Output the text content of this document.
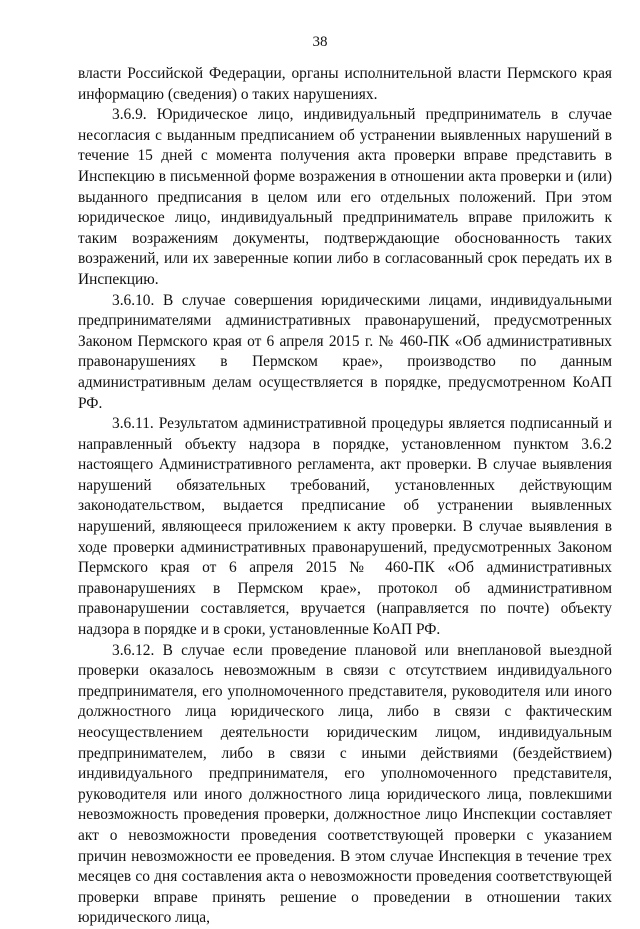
38

власти Российской Федерации, органы исполнительной власти Пермского края информацию (сведения) о таких нарушениях.

3.6.9. Юридическое лицо, индивидуальный предприниматель в случае несогласия с выданным предписанием об устранении выявленных нарушений в течение 15 дней с момента получения акта проверки вправе представить в Инспекцию в письменной форме возражения в отношении акта проверки и (или) выданного предписания в целом или его отдельных положений. При этом юридическое лицо, индивидуальный предприниматель вправе приложить к таким возражениям документы, подтверждающие обоснованность таких возражений, или их заверенные копии либо в согласованный срок передать их в Инспекцию.

3.6.10. В случае совершения юридическими лицами, индивидуальными предпринимателями административных правонарушений, предусмотренных Законом Пермского края от 6 апреля 2015 г. № 460-ПК «Об административных правонарушениях в Пермском крае», производство по данным административным делам осуществляется в порядке, предусмотренном КоАП РФ.

3.6.11. Результатом административной процедуры является подписанный и направленный объекту надзора в порядке, установленном пунктом 3.6.2 настоящего Административного регламента, акт проверки. В случае выявления нарушений обязательных требований, установленных действующим законодательством, выдается предписание об устранении выявленных нарушений, являющееся приложением к акту проверки. В случае выявления в ходе проверки административных правонарушений, предусмотренных Законом Пермского края от 6 апреля 2015 № 460-ПК «Об административных правонарушениях в Пермском крае», протокол об административном правонарушении составляется, вручается (направляется по почте) объекту надзора в порядке и в сроки, установленные КоАП РФ.

3.6.12. В случае если проведение плановой или внеплановой выездной проверки оказалось невозможным в связи с отсутствием индивидуального предпринимателя, его уполномоченного представителя, руководителя или иного должностного лица юридического лица, либо в связи с фактическим неосуществлением деятельности юридическим лицом, индивидуальным предпринимателем, либо в связи с иными действиями (бездействием) индивидуального предпринимателя, его уполномоченного представителя, руководителя или иного должностного лица юридического лица, повлекшими невозможность проведения проверки, должностное лицо Инспекции составляет акт о невозможности проведения соответствующей проверки с указанием причин невозможности ее проведения. В этом случае Инспекция в течение трех месяцев со дня составления акта о невозможности проведения соответствующей проверки вправе принять решение о проведении в отношении таких юридического лица,
